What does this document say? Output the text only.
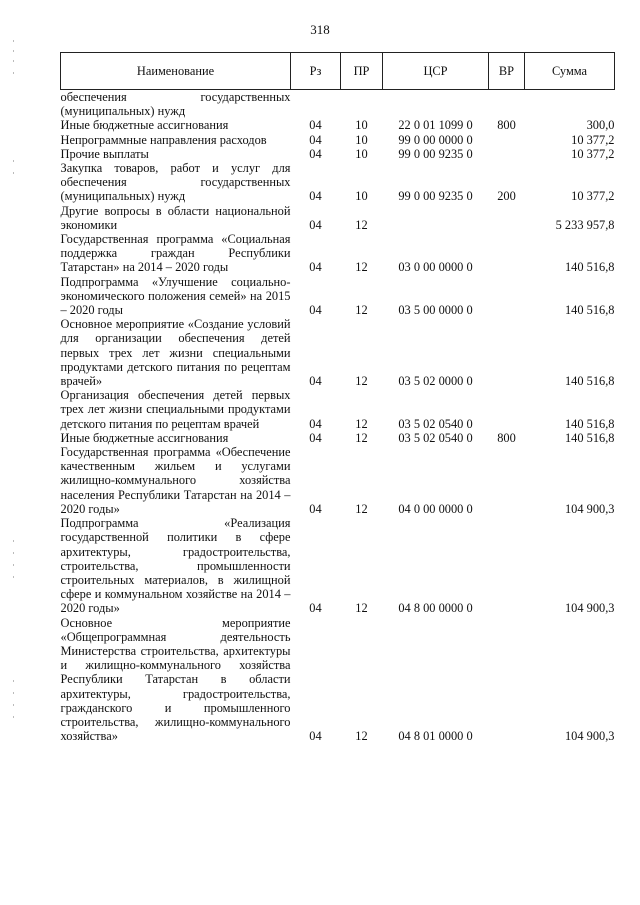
318
Наименование	Рз	ПР	ЦСР	ВР	Сумма
обеспечения государственных (муниципальных) нужд					
Иные бюджетные ассигнования	04	10	22 0 01 1099 0	800	300,0
Непрограммные направления расходов	04	10	99 0 00 0000 0		10 377,2
Прочие выплаты	04	10	99 0 00 9235 0		10 377,2
Закупка товаров, работ и услуг для обеспечения государственных (муниципальных) нужд	04	10	99 0 00 9235 0	200	10 377,2
Другие вопросы в области национальной экономики	04	12			5 233 957,8
Государственная программа «Социальная поддержка граждан Республики Татарстан» на 2014 – 2020 годы	04	12	03 0 00 0000 0		140 516,8
Подпрограмма «Улучшение социально-экономического положения семей» на 2015 – 2020 годы	04	12	03 5 00 0000 0		140 516,8
Основное мероприятие «Создание условий для организации обеспечения детей первых трех лет жизни специальными продуктами детского питания по рецептам врачей»	04	12	03 5 02 0000 0		140 516,8
Организация обеспечения детей первых трех лет жизни специальными продуктами детского питания по рецептам врачей	04	12	03 5 02 0540 0		140 516,8
Иные бюджетные ассигнования	04	12	03 5 02 0540 0	800	140 516,8
Государственная программа «Обеспечение качественным жильем и услугами жилищно-коммунального хозяйства населения Республики Татарстан на 2014 – 2020 годы»	04	12	04 0 00 0000 0		104 900,3
Подпрограмма «Реализация государственной политики в сфере архитектуры, градостроительства, строительства, промышленности строительных материалов, в жилищной сфере и коммунальном хозяйстве на 2014 – 2020 годы»	04	12	04 8 00 0000 0		104 900,3
Основное мероприятие «Общепрограммная деятельность Министерства строительства, архитектуры и жилищно-коммунального хозяйства Республики Татарстан в области архитектуры, градостроительства, гражданского и промышленного строительства, жилищно-коммунального хозяйства»	04	12	04 8 01 0000 0		104 900,3
